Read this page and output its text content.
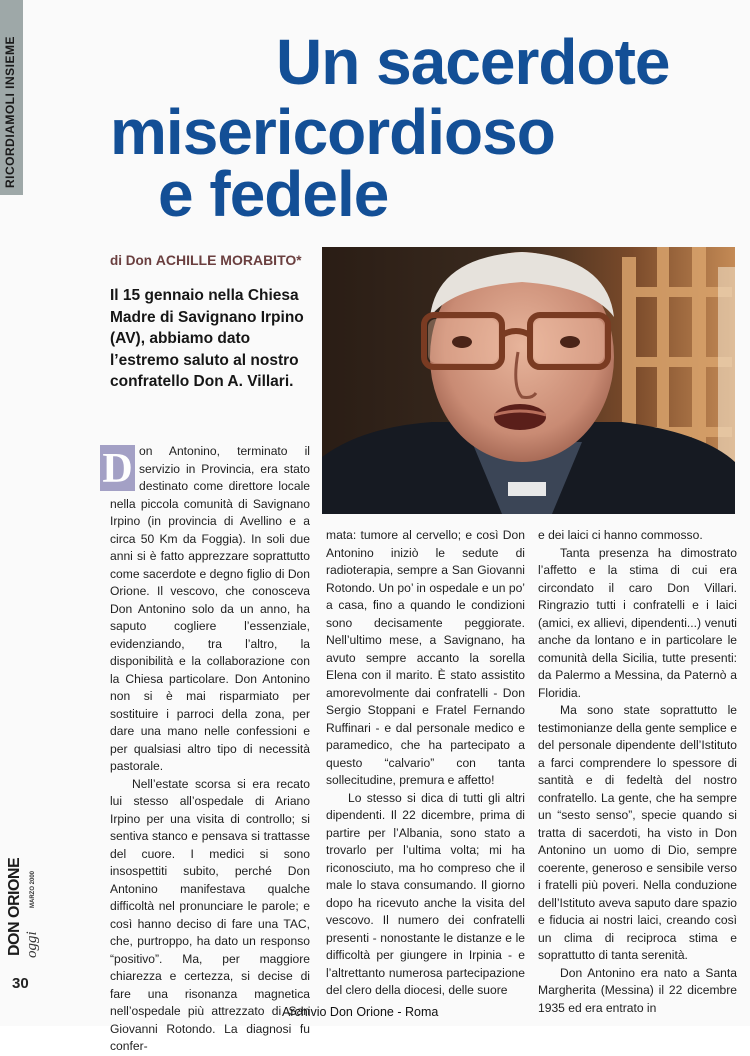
RICORDIAMOLI INSIEME	Un sacerdote
misericordioso
e fedele
di Don ACHILLE MORABITO*
Il 15 gennaio nella Chiesa Madre di Savignano Irpino (AV), abbiamo dato l’estremo saluto al nostro confratello Don A. Villari.

D on Antonino, terminato il servizio in Provincia, era stato destinato come direttore locale nella piccola comunità di Savignano Irpino (in provincia di Avellino e a circa 50 Km da Foggia). In soli due anni si è fatto apprezzare soprattutto come sacerdote e degno figlio di Don Orione. Il vescovo, che conosceva Don Antonino solo da un anno, ha saputo cogliere l’essenziale, evidenziando, tra l’altro, la disponibilità e la collaborazione con la Chiesa particolare. Don Antonino non si è mai risparmiato per sostituire i parroci della zona, per dare una mano nelle confessioni e per qualsiasi altro tipo di necessità pastorale.

Nell’estate scorsa si era recato lui stesso all’ospedale di Ariano Irpino per una visita di controllo; si sentiva stanco e pensava si trattasse del cuore. I medici si sono insospettiti subito, perché Don Antonino manifestava qualche difficoltà nel pronunciare le parole; e così hanno deciso di fare una TAC, che, purtroppo, ha dato un responso “positivo”. Ma, per maggiore chiarezza e certezza, si decise di fare una risonanza magnetica nell’ospedale più attrezzato di San Giovanni Rotondo. La diagnosi fu confer-

mata: tumore al cervello; e così Don Antonino iniziò le sedute di radioterapia, sempre a San Giovanni Rotondo. Un po’ in ospedale e un po’ a casa, fino a quando le condizioni sono decisamente peggiorate. Nell’ultimo mese, a Savignano, ha avuto sempre accanto la sorella Elena con il marito. È stato assistito amorevolmente dai confratelli - Don Sergio Stoppani e Fratel Fernando Ruffinari - e dal personale medico e paramedico, che ha partecipato a questo “calvario” con tanta sollecitudine, premura e affetto!

Lo stesso si dica di tutti gli altri dipendenti. Il 22 dicembre, prima di partire per l’Albania, sono stato a trovarlo per l’ultima volta; mi ha riconosciuto, ma ho compreso che il male lo stava consumando. Il giorno dopo ha ricevuto anche la visita del vescovo. Il numero dei confratelli presenti - nonostante le distanze e le difficoltà per giungere in Irpinia - e l’altrettanto numerosa partecipazione del clero della diocesi, delle suore

e dei laici ci hanno commosso.

Tanta presenza ha dimostrato l’affetto e la stima di cui era circondato il caro Don Villari. Ringrazio tutti i confratelli e i laici (amici, ex allievi, dipendenti...) venuti anche da lontano e in particolare le comunità della Sicilia, tutte presenti: da Palermo a Messina, da Paternò a Floridia.

Ma sono state soprattutto le testimonianze della gente semplice e del personale dipendente dell’Istituto a farci comprendere lo spessore di santità e di fedeltà del nostro confratello. La gente, che ha sempre un “sesto senso”, specie quando si tratta di sacerdoti, ha visto in Don Antonino un uomo di Dio, sempre coerente, generoso e sensibile verso i fratelli più poveri. Nella conduzione dell’Istituto aveva saputo dare spazio e fiducia ai nostri laici, creando così un clima di reciproca stima e soprattutto di tanta serenità.

Don Antonino era nato a Santa Margherita (Messina) il 22 dicembre 1935 ed era entrato in

DON ORIONE MARZO 2000
oggi
30
Archivio Don Orione - Roma
